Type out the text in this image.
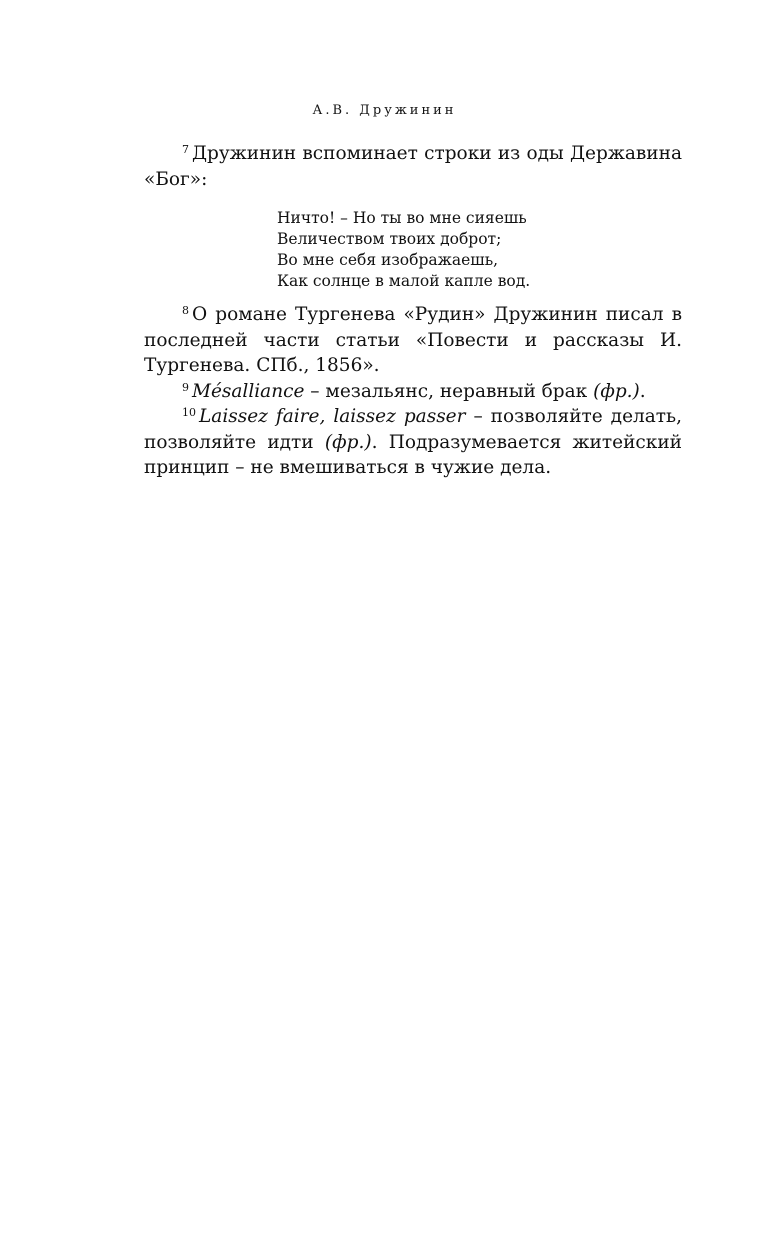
А.В. Дружинин

$^7$ Дружинин вспоминает строки из оды Державина «Бог»:

Ничто! – Но ты во мне сияешь
Величеством твоих доброт;
Во мне себя изображаешь,
Как солнце в малой капле вод.

$^8$ О романе Тургенева «Рудин» Дружинин писал в последней части статьи «Повести и рассказы И. Тургенева. СПб., 1856».

$^9$ Mésalliance – мезальянс, неравный брак (фр.).

$^{10}$ Laissez faire, laissez passer – позволяйте делать, позволяйте идти (фр.). Подразумевается житейский принцип – не вмешиваться в чужие дела.
